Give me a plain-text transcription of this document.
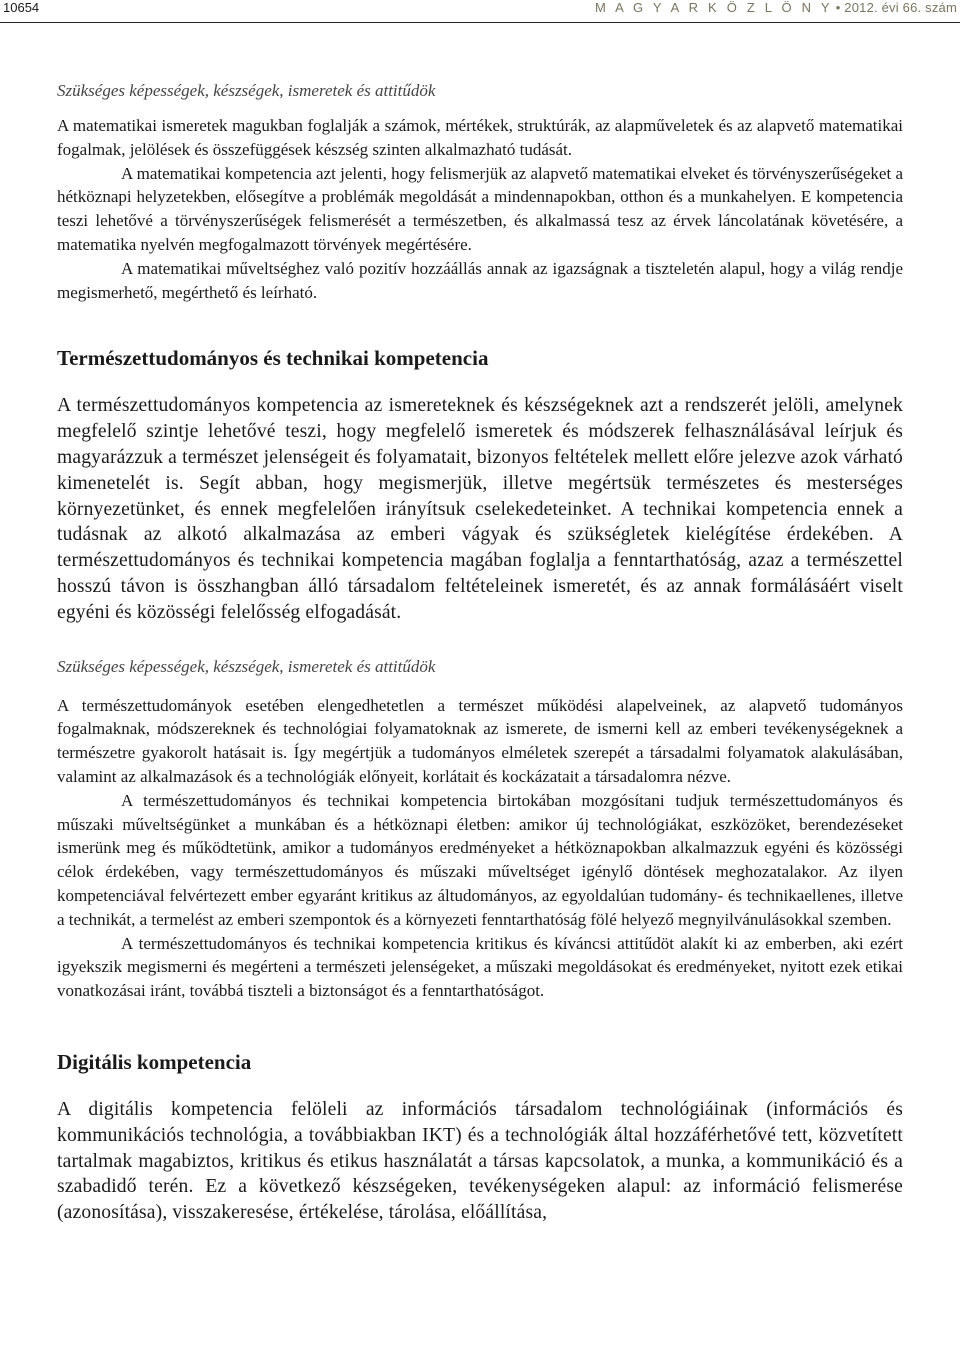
10654	M A G Y A R K Ö Z L Ö N Y • 2012. évi 66. szám

Szükséges képességek, készségek, ismeretek és attitűdök

A matematikai ismeretek magukban foglalják a számok, mértékek, struktúrák, az alapműveletek és az alapvető matematikai fogalmak, jelölések és összefüggések készség szinten alkalmazható tudását.

A matematikai kompetencia azt jelenti, hogy felismerjük az alapvető matematikai elveket és törvényszerűségeket a hétköznapi helyzetekben, elősegítve a problémák megoldását a mindennapokban, otthon és a munkahelyen. E kompetencia teszi lehetővé a törvényszerűségek felismerését a természetben, és alkalmassá tesz az érvek láncolatának követésére, a matematika nyelvén megfogalmazott törvények megértésére.

A matematikai műveltséghez való pozitív hozzáállás annak az igazságnak a tiszteletén alapul, hogy a világ rendje megismerhető, megérthető és leírható.

Természettudományos és technikai kompetencia

A természettudományos kompetencia az ismereteknek és készségeknek azt a rendszerét jelöli, amelynek megfelelő szintje lehetővé teszi, hogy megfelelő ismeretek és módszerek felhasználásával leírjuk és magyarázzuk a természet jelenségeit és folyamatait, bizonyos feltételek mellett előre jelezve azok várható kimenetelét is. Segít abban, hogy megismerjük, illetve megértsük természetes és mesterséges környezetünket, és ennek megfelelően irányítsuk cselekedeteinket. A technikai kompetencia ennek a tudásnak az alkotó alkalmazása az emberi vágyak és szükségletek kielégítése érdekében. A természettudományos és technikai kompetencia magában foglalja a fenntarthatóság, azaz a természettel hosszú távon is összhangban álló társadalom feltételeinek ismeretét, és az annak formálásáért viselt egyéni és közösségi felelősség elfogadását.

Szükséges képességek, készségek, ismeretek és attitűdök

A természettudományok esetében elengedhetetlen a természet működési alapelveinek, az alapvető tudományos fogalmaknak, módszereknek és technológiai folyamatoknak az ismerete, de ismerni kell az emberi tevékenységeknek a természetre gyakorolt hatásait is. Így megértjük a tudományos elméletek szerepét a társadalmi folyamatok alakulásában, valamint az alkalmazások és a technológiák előnyeit, korlátait és kockázatait a társadalomra nézve.

A természettudományos és technikai kompetencia birtokában mozgósítani tudjuk természettudományos és műszaki műveltségünket a munkában és a hétköznapi életben: amikor új technológiákat, eszközöket, berendezéseket ismerünk meg és működtetünk, amikor a tudományos eredményeket a hétköznapokban alkalmazzuk egyéni és közösségi célok érdekében, vagy természettudományos és műszaki műveltséget igénylő döntések meghozatalakor. Az ilyen kompetenciával felvértezett ember egyaránt kritikus az áltudományos, az egyoldalúan tudomány- és technikaellenes, illetve a technikát, a termelést az emberi szempontok és a környezeti fenntarthatóság fölé helyező megnyilvánulásokkal szemben.

A természettudományos és technikai kompetencia kritikus és kíváncsi attitűdöt alakít ki az emberben, aki ezért igyekszik megismerni és megérteni a természeti jelenségeket, a műszaki megoldásokat és eredményeket, nyitott ezek etikai vonatkozásai iránt, továbbá tiszteli a biztonságot és a fenntarthatóságot.

Digitális kompetencia

A digitális kompetencia felöleli az információs társadalom technológiáinak (információs és kommunikációs technológia, a továbbiakban IKT) és a technológiák által hozzáférhetővé tett, közvetített tartalmak magabiztos, kritikus és etikus használatát a társas kapcsolatok, a munka, a kommunikáció és a szabadidő terén. Ez a következő készségeken, tevékenységeken alapul: az információ felismerése (azonosítása), visszakeresése, értékelése, tárolása, előállítása,
